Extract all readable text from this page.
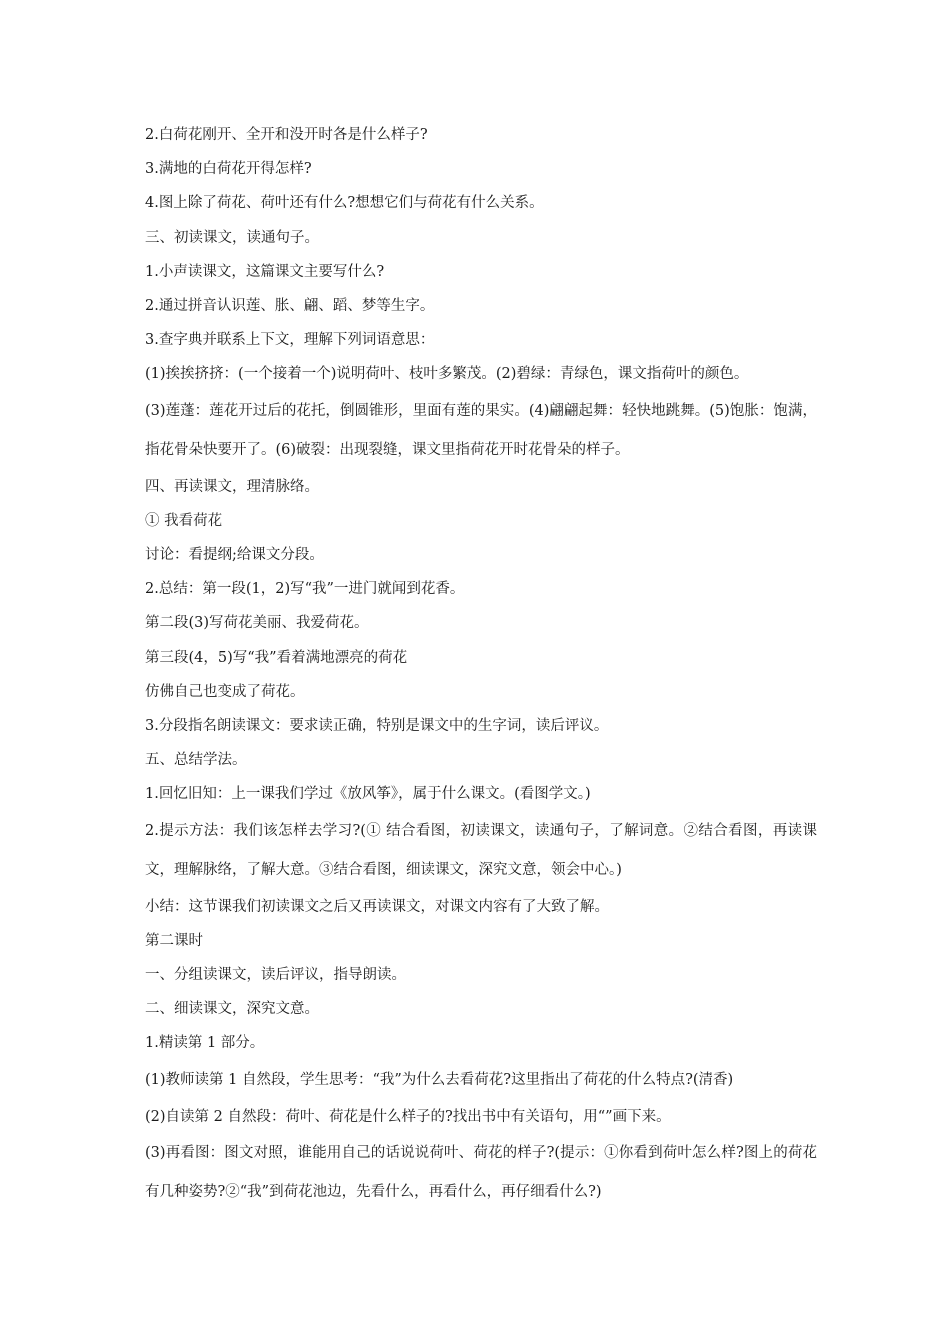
2.白荷花刚开、全开和没开时各是什么样子?

3.满地的白荷花开得怎样?

4.图上除了荷花、荷叶还有什么?想想它们与荷花有什么关系。

三、初读课文，读通句子。

1.小声读课文，这篇课文主要写什么?

2.通过拼音认识莲、胀、翩、蹈、梦等生字。

3.查字典并联系上下文，理解下列词语意思：

(1)挨挨挤挤：(一个接着一个)说明荷叶、枝叶多繁茂。(2)碧绿：青绿色，课文指荷叶的颜色。

(3)莲蓬：莲花开过后的花托，倒圆锥形，里面有莲的果实。(4)翩翩起舞：轻快地跳舞。(5)饱胀：饱满，指花骨朵快要开了。(6)破裂：出现裂缝，课文里指荷花开时花骨朵的样子。

四、再读课文，理清脉络。

① 我看荷花

讨论：看提纲;给课文分段。

2.总结：第一段(1，2)写“我”一进门就闻到花香。

第二段(3)写荷花美丽、我爱荷花。

第三段(4，5)写“我”看着满地漂亮的荷花

仿佛自己也变成了荷花。

3.分段指名朗读课文：要求读正确，特别是课文中的生字词，读后评议。

五、总结学法。

1.回忆旧知：上一课我们学过《放风筝》，属于什么课文。(看图学文。)

2.提示方法：我们该怎样去学习?(① 结合看图，初读课文，读通句子，了解词意。②结合看图，再读课文，理解脉络，了解大意。③结合看图，细读课文，深究文意，领会中心。)

小结：这节课我们初读课文之后又再读课文，对课文内容有了大致了解。

第二课时

一、分组读课文，读后评议，指导朗读。

二、细读课文，深究文意。

1.精读第 1 部分。

(1)教师读第 1 自然段，学生思考：“我”为什么去看荷花?这里指出了荷花的什么特点?(清香)

(2)自读第 2 自然段：荷叶、荷花是什么样子的?找出书中有关语句，用“”画下来。

(3)再看图：图文对照，谁能用自己的话说说荷叶、荷花的样子?(提示：①你看到荷叶怎么样?图上的荷花有几种姿势?②“我”到荷花池边，先看什么，再看什么，再仔细看什么?)
